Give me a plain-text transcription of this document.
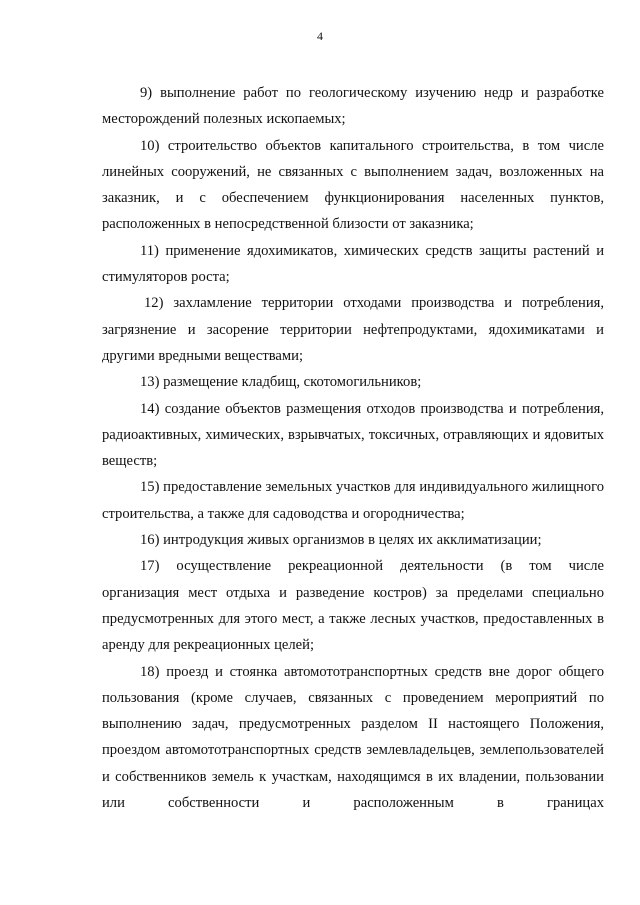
4

9) выполнение работ по геологическому изучению недр и разработке месторождений полезных ископаемых;

10) строительство объектов капитального строительства, в том числе линейных сооружений, не связанных с выполнением задач, возложенных на заказник, и с обеспечением функционирования населенных пунктов, расположенных в непосредственной близости от заказника;

11) применение ядохимикатов, химических средств защиты растений и стимуляторов роста;

12) захламление территории отходами производства и потребления, загрязнение и засорение территории нефтепродуктами, ядохимикатами и другими вредными веществами;

13) размещение кладбищ, скотомогильников;

14) создание объектов размещения отходов производства и потребления, радиоактивных, химических, взрывчатых, токсичных, отравляющих и ядовитых веществ;

15) предоставление земельных участков для индивидуального жилищного строительства, а также для садоводства и огородничества;

16) интродукция живых организмов в целях их акклиматизации;

17) осуществление рекреационной деятельности (в том числе организация мест отдыха и разведение костров) за пределами специально предусмотренных для этого мест, а также лесных участков, предоставленных в аренду для рекреационных целей;

18) проезд и стоянка автомототранспортных средств вне дорог общего пользования (кроме случаев, связанных с проведением мероприятий по выполнению задач, предусмотренных разделом II настоящего Положения, проездом автомототранспортных средств землевладельцев, землепользователей и собственников земель к участкам, находящимся в их владении, пользовании или собственности и расположенным в границах
